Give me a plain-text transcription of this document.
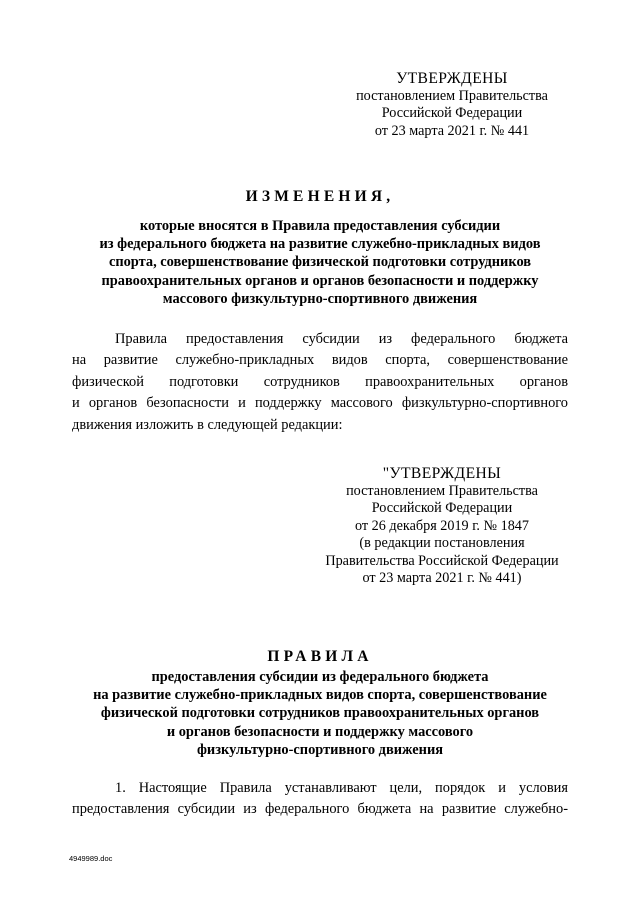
УТВЕРЖДЕНЫ
постановлением Правительства
Российской Федерации
от 23 марта 2021 г. № 441
ИЗМЕНЕНИЯ,
которые вносятся в Правила предоставления субсидии
из федерального бюджета на развитие служебно-прикладных видов
спорта, совершенствование физической подготовки сотрудников
правоохранительных органов и органов безопасности и поддержку
массового физкультурно-спортивного движения
Правила предоставления субсидии из федерального бюджета
на развитие служебно-прикладных видов спорта, совершенствование
физической подготовки сотрудников правоохранительных органов
и органов безопасности и поддержку массового физкультурно-спортивного
движения изложить в следующей редакции:
"УТВЕРЖДЕНЫ
постановлением Правительства
Российской Федерации
от 26 декабря 2019 г. № 1847
(в редакции постановления
Правительства Российской Федерации
от 23 марта 2021 г. № 441)
ПРАВИЛА
предоставления субсидии из федерального бюджета
на развитие служебно-прикладных видов спорта, совершенствование
физической подготовки сотрудников правоохранительных органов
и органов безопасности и поддержку массового
физкультурно-спортивного движения
1. Настоящие Правила устанавливают цели, порядок и условия
предоставления субсидии из федерального бюджета на развитие служебно-
4949989.doc
